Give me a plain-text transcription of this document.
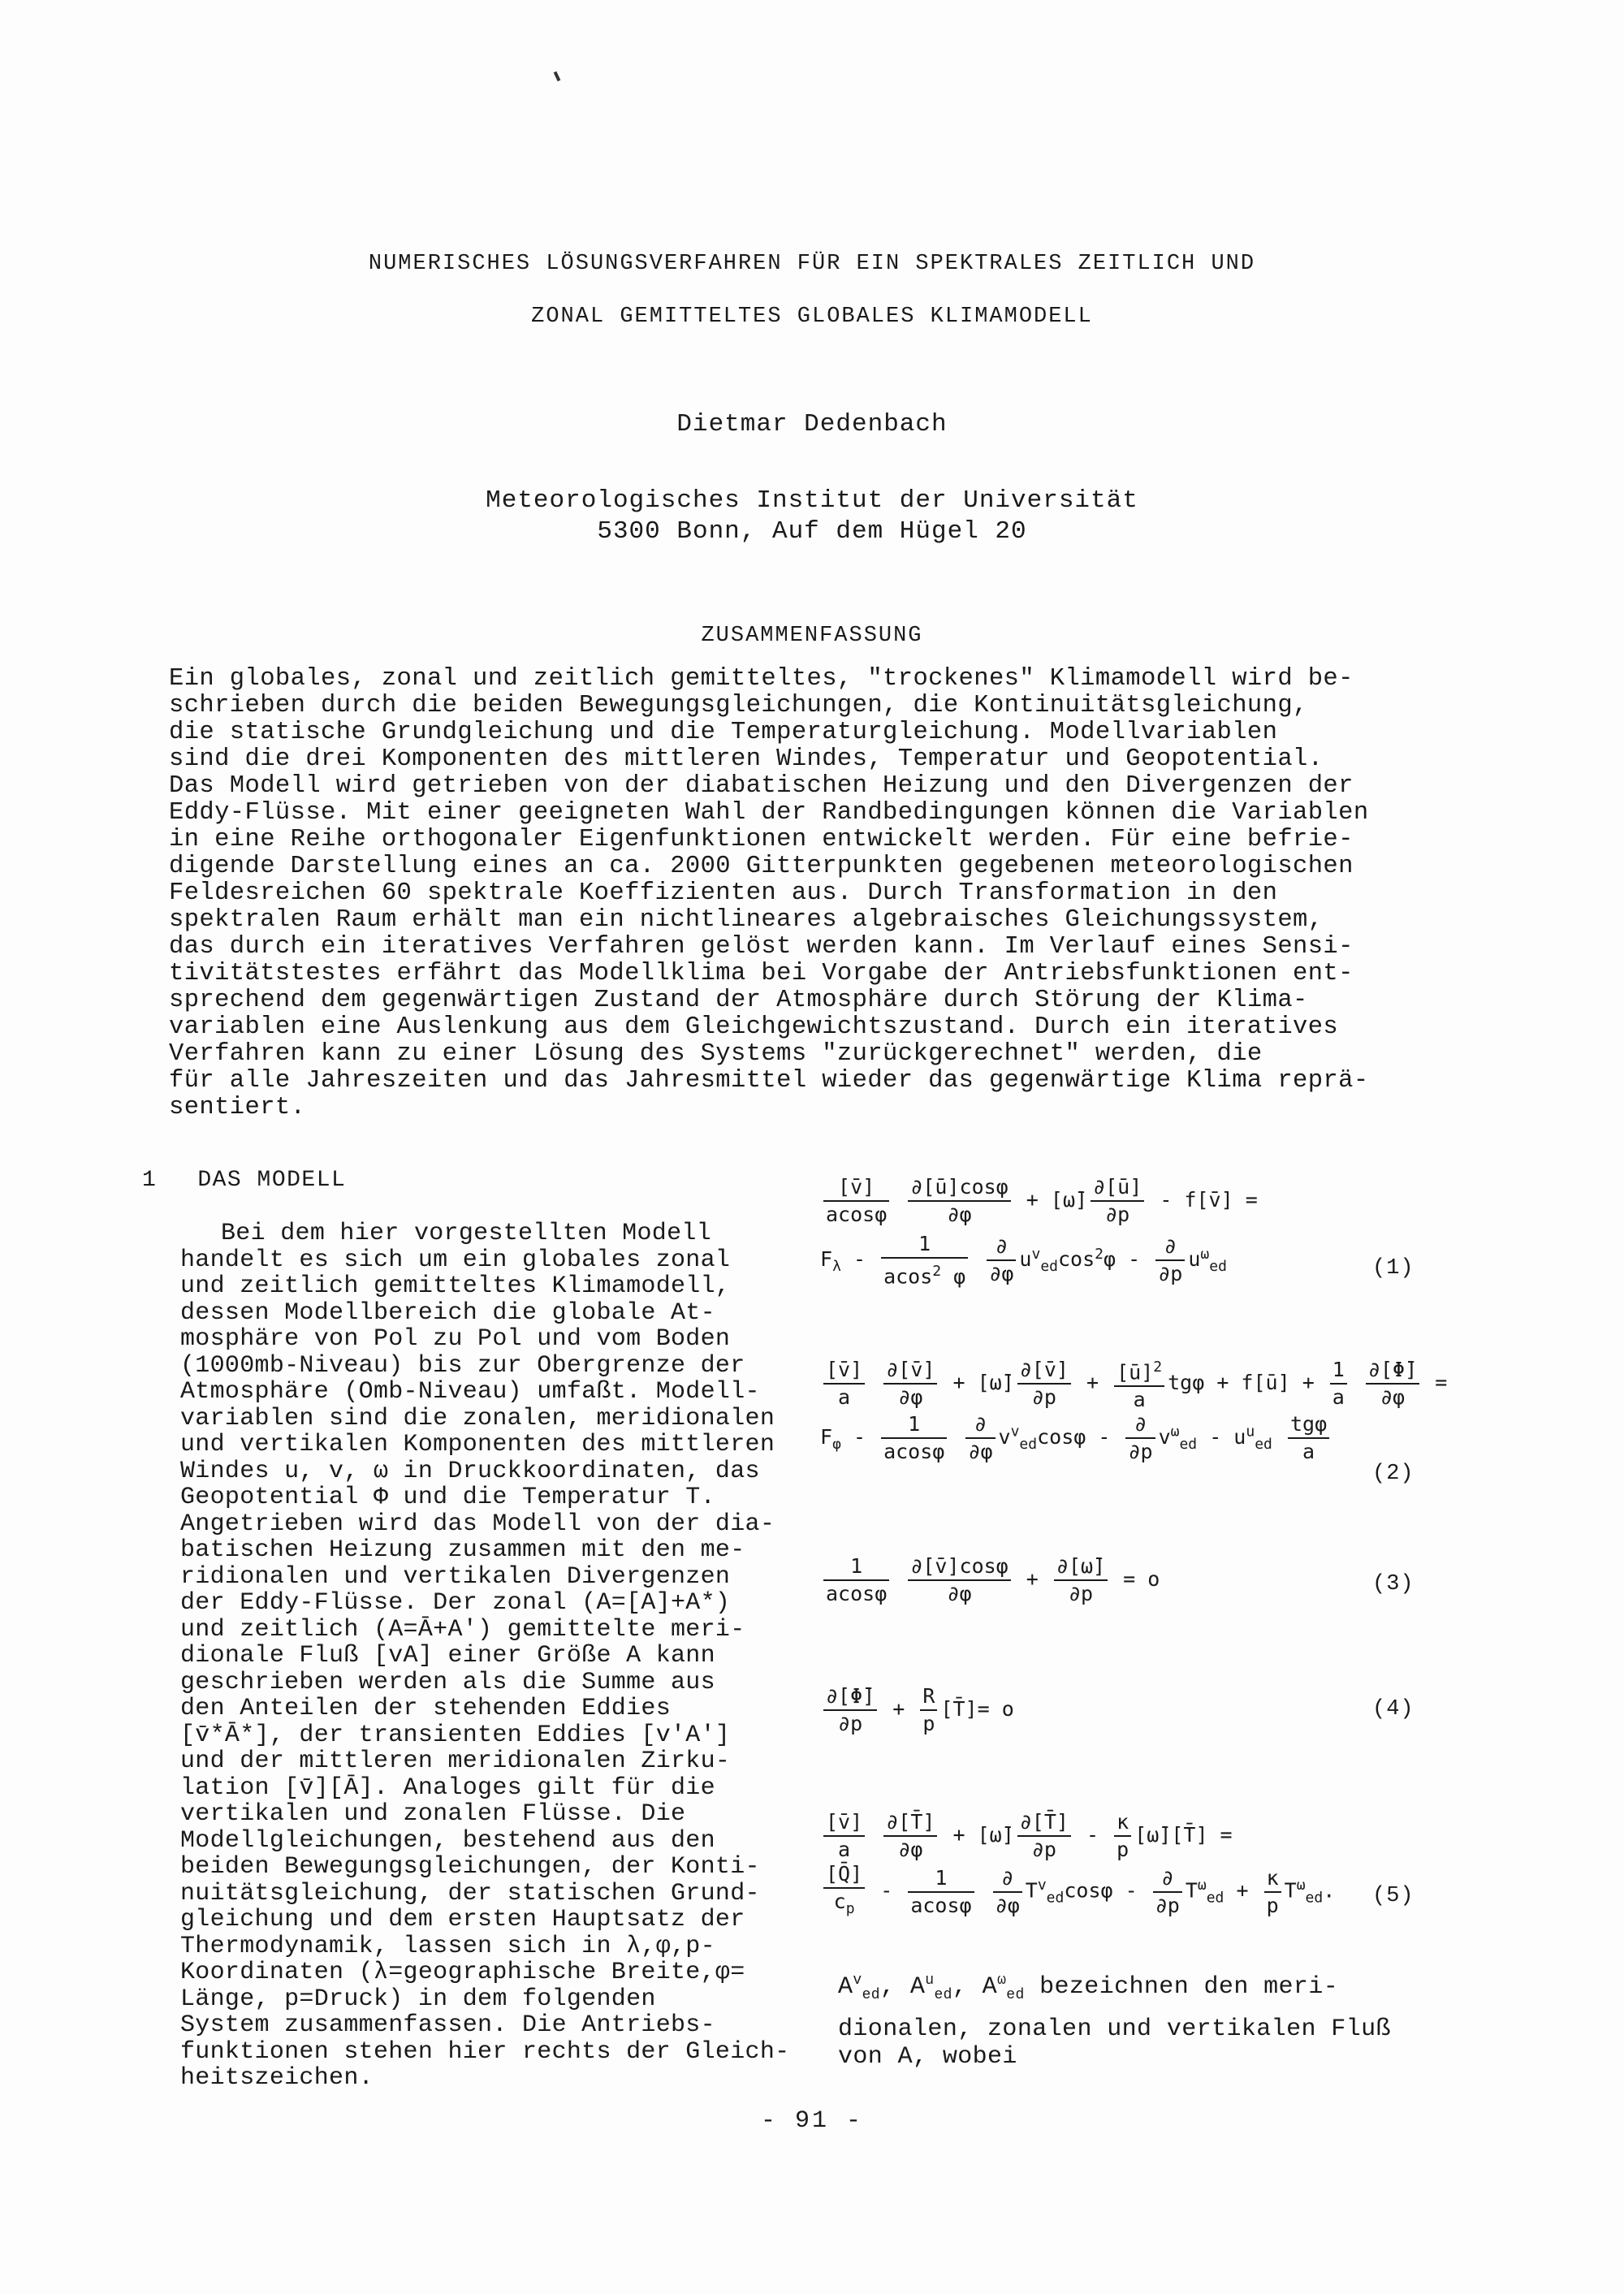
NUMERISCHES LÖSUNGSVERFAHREN FÜR EIN SPEKTRALES ZEITLICH UND
ZONAL GEMITTELTES GLOBALES KLIMAMODELL
Dietmar Dedenbach
Meteorologisches Institut der Universität
5300 Bonn, Auf dem Hügel 20
ZUSAMMENFASSUNG
Ein globales, zonal und zeitlich gemitteltes, "trockenes" Klimamodell wird be-
schrieben durch die beiden Bewegungsgleichungen, die Kontinuitätsgleichung,
die statische Grundgleichung und die Temperaturgleichung. Modellvariablen
sind die drei Komponenten des mittleren Windes, Temperatur und Geopotential.
Das Modell wird getrieben von der diabatischen Heizung und den Divergenzen der
Eddy-Flüsse. Mit einer geeigneten Wahl der Randbedingungen können die Variablen
in eine Reihe orthogonaler Eigenfunktionen entwickelt werden. Für eine befrie-
digende Darstellung eines an ca. 2000 Gitterpunkten gegebenen meteorologischen
Feldesreichen 60 spektrale Koeffizienten aus. Durch Transformation in den
spektralen Raum erhält man ein nichtlineares algebraisches Gleichungssystem,
das durch ein iteratives Verfahren gelöst werden kann. Im Verlauf eines Sensi-
tivitätstestes erfährt das Modellklima bei Vorgabe der Antriebsfunktionen ent-
sprechend dem gegenwärtigen Zustand der Atmosphäre durch Störung der Klima-
variablen eine Auslenkung aus dem Gleichgewichtszustand. Durch ein iteratives
Verfahren kann zu einer Lösung des Systems "zurückgerechnet" werden, die
für alle Jahreszeiten und das Jahresmittel wieder das gegenwärtige Klima reprä-
sentiert.
1 DAS MODELL
Bei dem hier vorgestellten Modell
handelt es sich um ein globales zonal
und zeitlich gemitteltes Klimamodell,
dessen Modellbereich die globale At-
mosphäre von Pol zu Pol und vom Boden
(1000mb-Niveau) bis zur Obergrenze der
Atmosphäre (Omb-Niveau) umfaßt. Modell-
variablen sind die zonalen, meridionalen
und vertikalen Komponenten des mittleren
Windes u, v, ω in Druckkoordinaten, das
Geopotential Φ und die Temperatur T.
Angetrieben wird das Modell von der dia-
batischen Heizung zusammen mit den me-
ridionalen und vertikalen Divergenzen
der Eddy-Flüsse. Der zonal (A=[A]+A*)
und zeitlich (A=Ā+A') gemittelte meri-
dionale Fluß [vA] einer Größe A kann
geschrieben werden als die Summe aus
den Anteilen der stehenden Eddies
[v̄*Ā*], der transienten Eddies [v'A']
und der mittleren meridionalen Zirku-
lation [v̄][Ā]. Analoges gilt für die
vertikalen und zonalen Flüsse. Die
Modellgleichungen, bestehend aus den
beiden Bewegungsgleichungen, der Konti-
nuitätsgleichung, der statischen Grund-
gleichung und dem ersten Hauptsatz der
Thermodynamik, lassen sich in λ,φ,p-
Koordinaten (λ=geographische Breite,φ=
Länge, p=Druck) in dem folgenden
System zusammenfassen. Die Antriebs-
funktionen stehen hier rechts der Gleich-
heitszeichen.
$\frac{[v̄]}{acos\varphi}$
$\frac{\partial[ū]\cos\varphi}{\partial\varphi}$ + [ω̄] $\frac{\partial[ū]}{\partial p}$ - f[v̄] =
$F_\lambda - \frac{1}{acos^2 \varphi}$
$\frac{\partial}{\partial\varphi} u^v_{ed}\cos^2\varphi - \frac{\partial}{\partial p} u^\omega_{ed}$	(1)
$\frac{[v̄]}{a}$
$\frac{\partial[v̄]}{\partial\varphi}$ + [ω̄] $\frac{\partial[v̄]}{\partial p} + \frac{[ū]^2}{a}$ tgφ + f[ū] + $\frac{1}{a}$
$\frac{\partial[\Phī]}{\partial\varphi}$ =
$F_\varphi - \frac{1}{acos\varphi}$
$\frac{\partial}{\partial\varphi} v^v_{ed}\cos\varphi - \frac{\partial}{\partial p} v^\omega_{ed} - u^u_{ed} \frac{\text{tgφ}}{a}$
(2)
$\frac{1}{acos\varphi}$
$\frac{\partial[v̄]\cos\varphi}{\partial\varphi} + \frac{\partial[\omegā]}{\partial p} = o$	(3)
$\frac{\partial[\Phī]}{\partial p} + \frac{R}{p}$ [T̄]= o	(4)
$\frac{[v̄]}{a}$
$\frac{\partial[T̄]}{\partial\varphi}$ + [ω̄] $\frac{\partial[T̄]}{\partial p} - \frac{\kappa}{p}$ [ω̄][T̄] =
$\frac{[Q̄]}{c_p} - \frac{1}{acos\varphi}$
$\frac{\partial}{\partial\varphi} T^v_{ed}\cos\varphi - \frac{\partial}{\partial p} T^\omega_{ed} + \frac{\kappa}{p} T^\omega_{ed}$. (5)
$A^v_{ed}$, $A^u_{ed}$, $A^\omega_{ed}$ bezeichnen den meri-
dionalen, zonalen und vertikalen Fluß
von A, wobei
- 91 -
